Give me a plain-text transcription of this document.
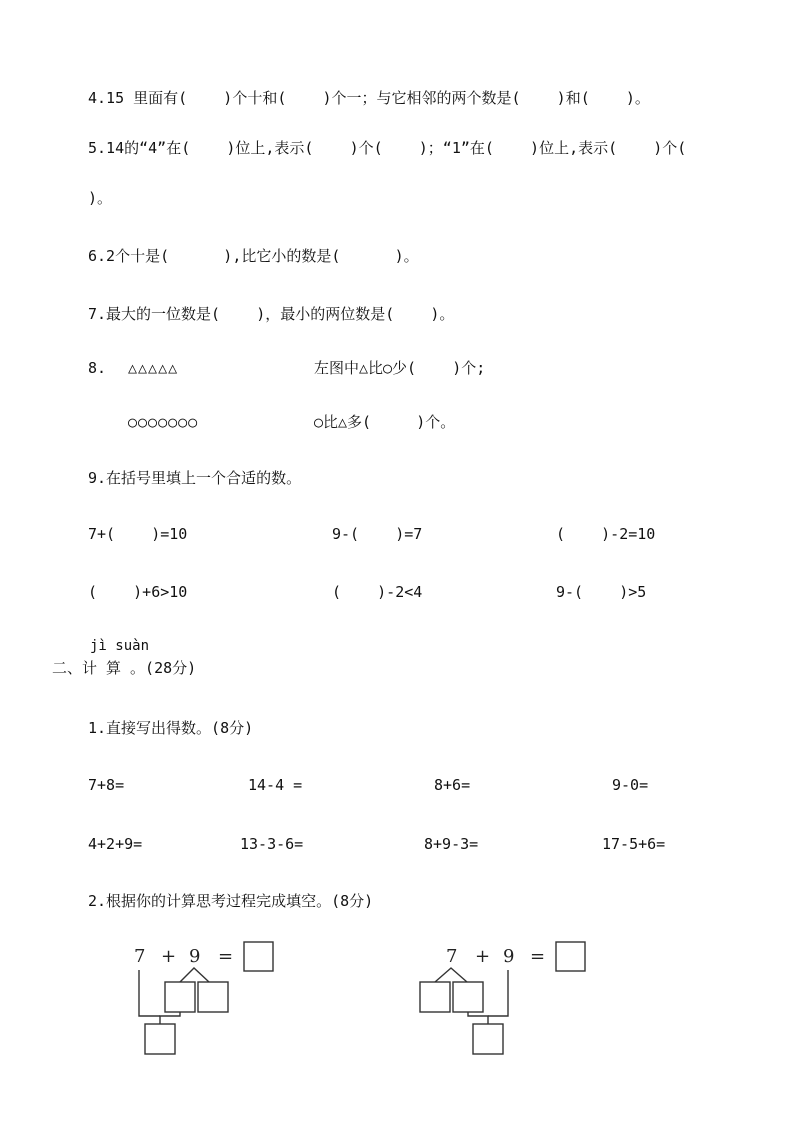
4.15 里面有(    )个十和(    )个一；与它相邻的两个数是(    )和(    )。
5.14的“4”在(    )位上,表示(    )个(    )；“1”在(    )位上,表示(    )个(
)。
6.2个十是(      ),比它小的数是(      )。
7.最大的一位数是(    )，最小的两位数是(    )。
8. △△△△△	左图中△比○少(    )个;
○○○○○○○	○比△多(     )个。
9.在括号里填上一个合适的数。
7+(    )=10	9-(    )=7	(    )-2=10
(    )+6>10	(    )-2<4	9-(    )>5
jì suàn
二、计 算 。(28分)
1.直接写出得数。(8分)
7+8=	14-4 =	8+6=	9-0=
4+2+9=	13-3-6=	8+9-3=	17-5+6=
2.根据你的计算思考过程完成填空。(8分)
7 + 9 =	7 + 9 =
